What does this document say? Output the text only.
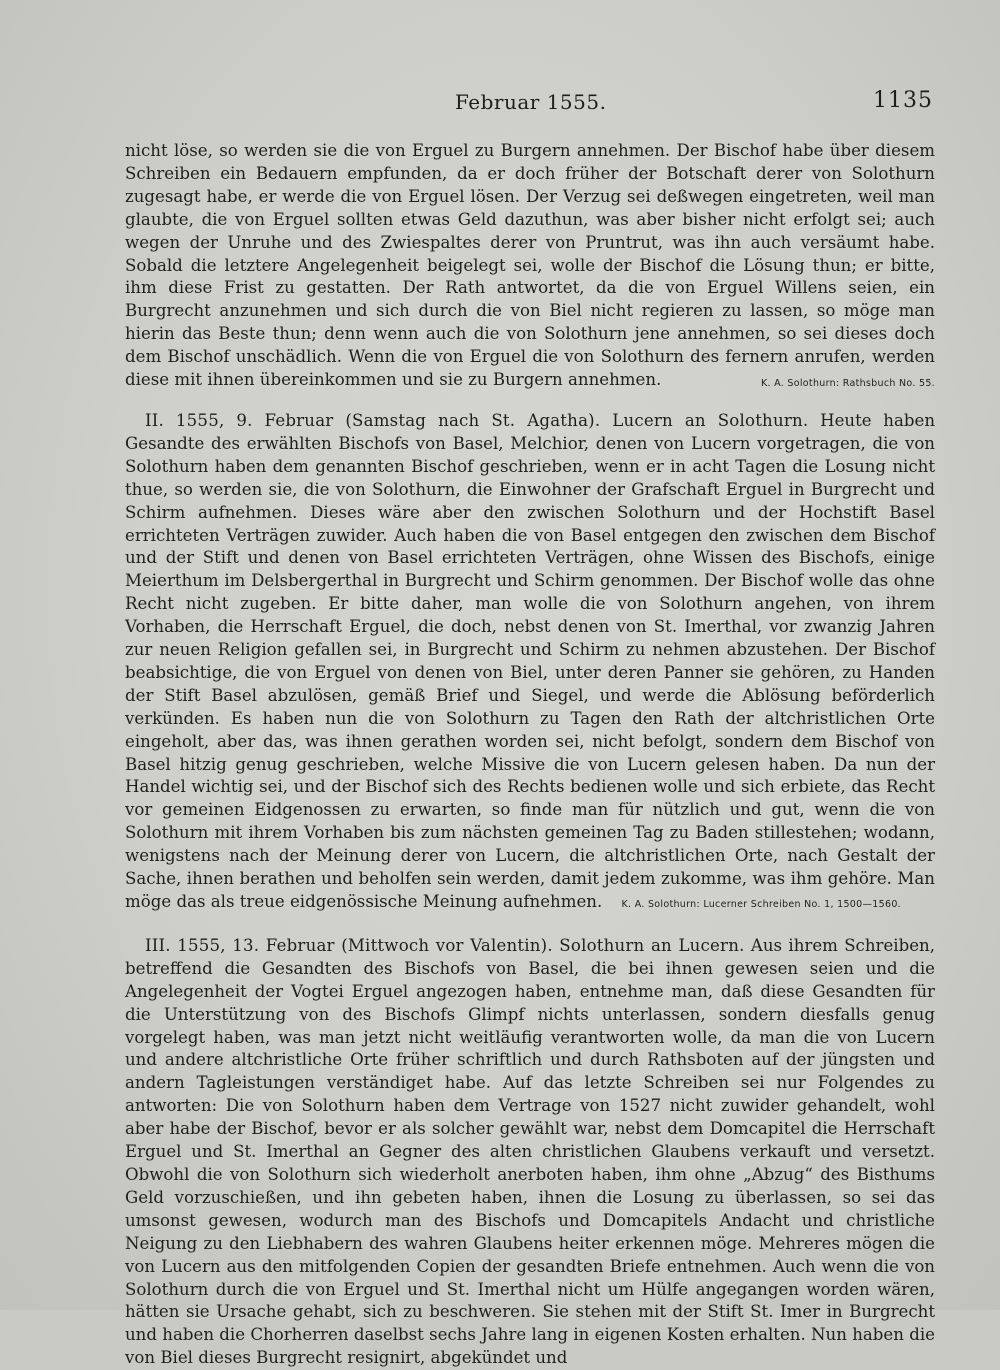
Februar 1555.	1135

nicht löse, so werden sie die von Erguel zu Burgern annehmen. Der Bischof habe über diesem Schreiben ein Bedauern empfunden, da er doch früher der Botschaft derer von Solothurn zugesagt habe, er werde die von Erguel lösen. Der Verzug sei deßwegen eingetreten, weil man glaubte, die von Erguel sollten etwas Geld dazuthun, was aber bisher nicht erfolgt sei; auch wegen der Unruhe und des Zwiespaltes derer von Pruntrut, was ihn auch versäumt habe. Sobald die letztere Angelegenheit beigelegt sei, wolle der Bischof die Lösung thun; er bitte, ihm diese Frist zu gestatten. Der Rath antwortet, da die von Erguel Willens seien, ein Burgrecht anzunehmen und sich durch die von Biel nicht regieren zu lassen, so möge man hierin das Beste thun; denn wenn auch die von Solothurn jene annehmen, so sei dieses doch dem Bischof unschädlich. Wenn die von Erguel die von Solothurn des fernern anrufen, werden diese mit ihnen übereinkommen und sie zu Burgern annehmen.	K. A. Solothurn: Rathsbuch No. 55.

II. 1555, 9. Februar (Samstag nach St. Agatha). Lucern an Solothurn. Heute haben Gesandte des erwählten Bischofs von Basel, Melchior, denen von Lucern vorgetragen, die von Solothurn haben dem genannten Bischof geschrieben, wenn er in acht Tagen die Losung nicht thue, so werden sie, die von Solothurn, die Einwohner der Grafschaft Erguel in Burgrecht und Schirm aufnehmen. Dieses wäre aber den zwischen Solothurn und der Hochstift Basel errichteten Verträgen zuwider. Auch haben die von Basel entgegen den zwischen dem Bischof und der Stift und denen von Basel errichteten Verträgen, ohne Wissen des Bischofs, einige Meierthum im Delsbergerthal in Burgrecht und Schirm genommen. Der Bischof wolle das ohne Recht nicht zugeben. Er bitte daher, man wolle die von Solothurn angehen, von ihrem Vorhaben, die Herrschaft Erguel, die doch, nebst denen von St. Imerthal, vor zwanzig Jahren zur neuen Religion gefallen sei, in Burgrecht und Schirm zu nehmen abzustehen. Der Bischof beabsichtige, die von Erguel von denen von Biel, unter deren Panner sie gehören, zu Handen der Stift Basel abzulösen, gemäß Brief und Siegel, und werde die Ablösung beförderlich verkünden. Es haben nun die von Solothurn zu Tagen den Rath der altchristlichen Orte eingeholt, aber das, was ihnen gerathen worden sei, nicht befolgt, sondern dem Bischof von Basel hitzig genug geschrieben, welche Missive die von Lucern gelesen haben. Da nun der Handel wichtig sei, und der Bischof sich des Rechts bedienen wolle und sich erbiete, das Recht vor gemeinen Eidgenossen zu erwarten, so finde man für nützlich und gut, wenn die von Solothurn mit ihrem Vorhaben bis zum nächsten gemeinen Tag zu Baden stillestehen; wodann, wenigstens nach der Meinung derer von Lucern, die altchristlichen Orte, nach Gestalt der Sache, ihnen berathen und beholfen sein werden, damit jedem zukomme, was ihm gehöre. Man möge das als treue eidgenössische Meinung aufnehmen. K. A. Solothurn: Lucerner Schreiben No. 1, 1500—1560.

III. 1555, 13. Februar (Mittwoch vor Valentin). Solothurn an Lucern. Aus ihrem Schreiben, betreffend die Gesandten des Bischofs von Basel, die bei ihnen gewesen seien und die Angelegenheit der Vogtei Erguel angezogen haben, entnehme man, daß diese Gesandten für die Unterstützung von des Bischofs Glimpf nichts unterlassen, sondern diesfalls genug vorgelegt haben, was man jetzt nicht weitläufig verantworten wolle, da man die von Lucern und andere altchristliche Orte früher schriftlich und durch Rathsboten auf der jüngsten und andern Tagleistungen verständiget habe. Auf das letzte Schreiben sei nur Folgendes zu antworten: Die von Solothurn haben dem Vertrage von 1527 nicht zuwider gehandelt, wohl aber habe der Bischof, bevor er als solcher gewählt war, nebst dem Domcapitel die Herrschaft Erguel und St. Imerthal an Gegner des alten christlichen Glaubens verkauft und versetzt. Obwohl die von Solothurn sich wiederholt anerboten haben, ihm ohne „Abzug“ des Bisthums Geld vorzuschießen, und ihn gebeten haben, ihnen die Losung zu überlassen, so sei das umsonst gewesen, wodurch man des Bischofs und Domcapitels Andacht und christliche Neigung zu den Liebhabern des wahren Glaubens heiter erkennen möge. Mehreres mögen die von Lucern aus den mitfolgenden Copien der gesandten Briefe entnehmen. Auch wenn die von Solothurn durch die von Erguel und St. Imerthal nicht um Hülfe angegangen worden wären, hätten sie Ursache gehabt, sich zu beschweren. Sie stehen mit der Stift St. Imer in Burgrecht und haben die Chorherren daselbst sechs Jahre lang in eigenen Kosten erhalten. Nun haben die von Biel dieses Burgrecht resignirt, abgekündet und
